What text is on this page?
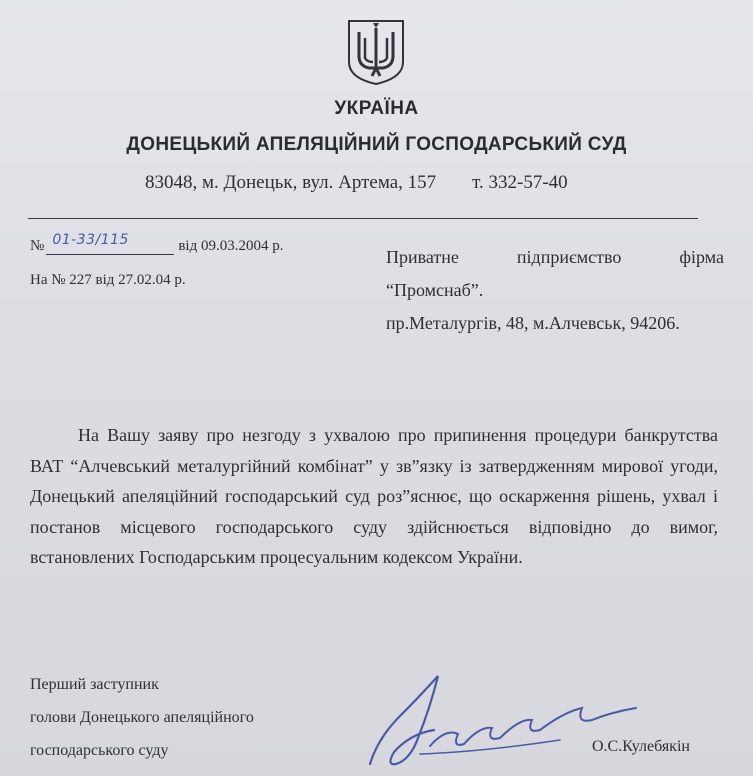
УКРАЇНА
ДОНЕЦЬКИЙ АПЕЛЯЦІЙНИЙ ГОСПОДАРСЬКИЙ СУД
83048, м. Донецьк, вул. Артема, 157 т. 332-57-40
№ 01-33/115	від 09.03.2004 р.
На № 227 від 27.02.04 р.
Приватне	підприємство	фірма
“Промснаб”.
пр.Металургів, 48, м.Алчевськ, 94206.
На Вашу заяву про незгоду з ухвалою про припинення процедури банкрутства ВАТ “Алчевський металургійний комбінат” у зв”язку із затвердженням мирової угоди, Донецький апеляційний господарський суд роз”яснює, що оскарження рішень, ухвал і постанов місцевого господарського суду здійснюється відповідно до вимог, встановлених Господарським процесуальним кодексом України.
Перший заступник
голови Донецького апеляційного
господарського суду	О.С.Кулебякін
